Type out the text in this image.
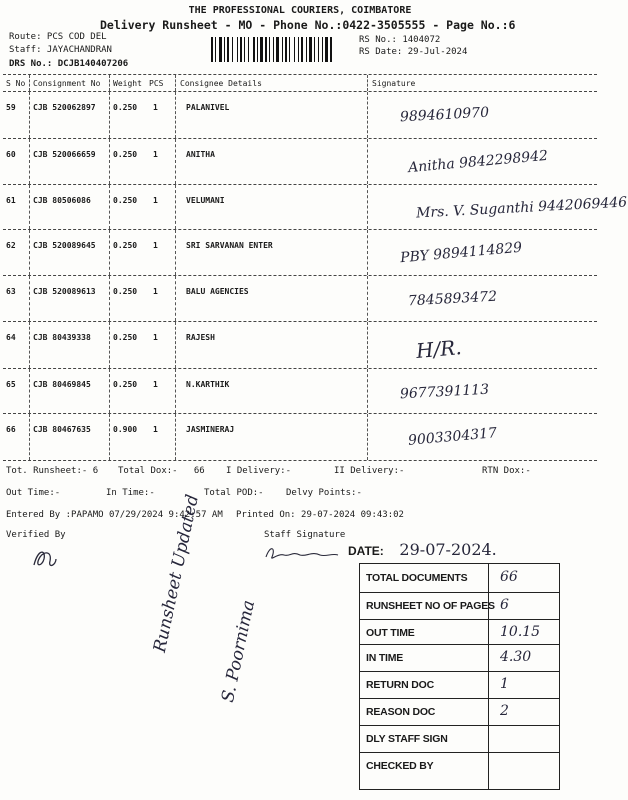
THE PROFESSIONAL COURIERS, COIMBATORE
Delivery Runsheet - MO - Phone No.:0422-3505555 - Page No.:6
Route: PCS COD DEL
Staff: JAYACHANDRAN
DRS No.: DCJB140407206
RS No.: 1404072
RS Date: 29-Jul-2024
S No Consignment No Weight PCS Consignee Details	Signature
59 CJB 520062897 0.250 1	PALANIVEL	9894610970
60 CJB 520066659 0.250 1	ANITHA	Anitha 9842298942
61 CJB 80506086	0.250 1	VELUMANI	Mrs. V. Suganthi 9442069446
62 CJB 520089645 0.250 1	SRI SARVANAN ENTER	PBY 9894114829
63 CJB 520089613 0.250 1	BALU AGENCIES	7845893472
64 CJB 80439338	0.250 1	RAJESH	H/R.
65 CJB 80469845	0.250 1	N.KARTHIK	9677391113
66 CJB 80467635	0.900 1	JASMINERAJ	9003304317
Tot. Runsheet:- 6 Total Dox:-   66 I Delivery:-	II Delivery:-	RTN Dox:-
Out Time:-	In Time:-	Total POD:- Delvy Points:-
Entered By :PAPAMO 07/29/2024 9:42:57 AM Printed On: 29-07-2024 09:43:02
Verified By	Staff Signature
Runsheet Updated S. Poornima
DATE: 29-07-2024.
TOTAL DOCUMENTS 66
RUNSHEET NO OF PAGES 6
OUT TIME	10.15
IN TIME	4.30
RETURN DOC	1
REASON DOC	2
DLY STAFF SIGN
CHECKED BY
